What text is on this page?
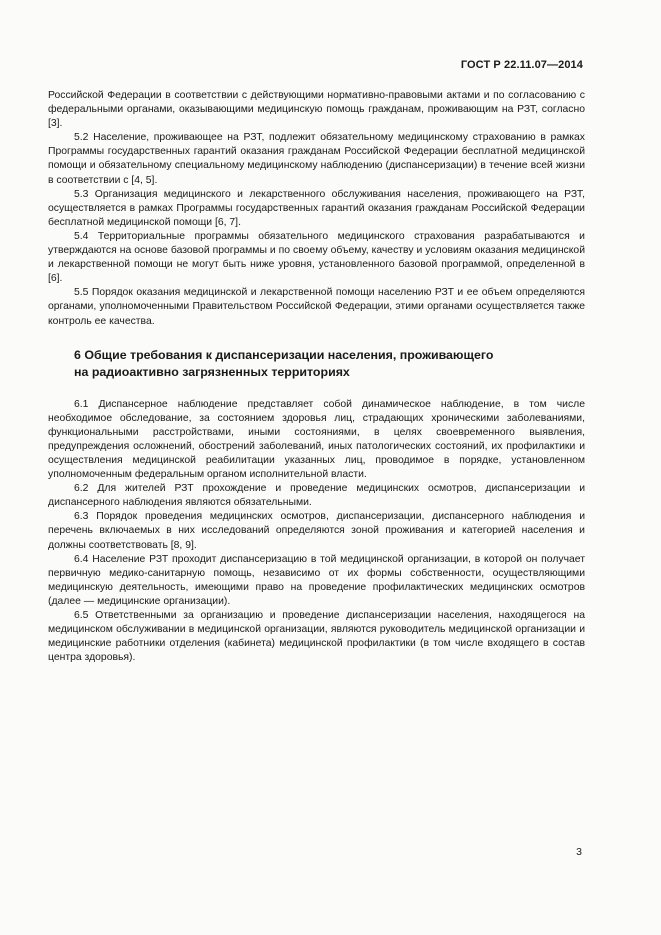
ГОСТ Р 22.11.07—2014

Российской Федерации в соответствии с действующими нормативно-правовыми актами и по согласованию с федеральными органами, оказывающими медицинскую помощь гражданам, проживающим на РЗТ, согласно [3].

5.2 Население, проживающее на РЗТ, подлежит обязательному медицинскому страхованию в рамках Программы государственных гарантий оказания гражданам Российской Федерации бесплатной медицинской помощи и обязательному специальному медицинскому наблюдению (диспансеризации) в течение всей жизни в соответствии с [4, 5].

5.3 Организация медицинского и лекарственного обслуживания населения, проживающего на РЗТ, осуществляется в рамках Программы государственных гарантий оказания гражданам Российской Федерации бесплатной медицинской помощи [6, 7].

5.4 Территориальные программы обязательного медицинского страхования разрабатываются и утверждаются на основе базовой программы и по своему объему, качеству и условиям оказания медицинской и лекарственной помощи не могут быть ниже уровня, установленного базовой программой, определенной в [6].

5.5 Порядок оказания медицинской и лекарственной помощи населению РЗТ и ее объем определяются органами, уполномоченными Правительством Российской Федерации, этими органами осуществляется также контроль ее качества.

6 Общие требования к диспансеризации населения, проживающего
на радиоактивно загрязненных территориях

6.1 Диспансерное наблюдение представляет собой динамическое наблюдение, в том числе необходимое обследование, за состоянием здоровья лиц, страдающих хроническими заболеваниями, функциональными расстройствами, иными состояниями, в целях своевременного выявления, предупреждения осложнений, обострений заболеваний, иных патологических состояний, их профилактики и осуществления медицинской реабилитации указанных лиц, проводимое в порядке, установленном уполномоченным федеральным органом исполнительной власти.

6.2 Для жителей РЗТ прохождение и проведение медицинских осмотров, диспансеризации и диспансерного наблюдения являются обязательными.

6.3 Порядок проведения медицинских осмотров, диспансеризации, диспансерного наблюдения и перечень включаемых в них исследований определяются зоной проживания и категорией населения и должны соответствовать [8, 9].

6.4 Население РЗТ проходит диспансеризацию в той медицинской организации, в которой он получает первичную медико-санитарную помощь, независимо от их формы собственности, осуществляющими медицинскую деятельность, имеющими право на проведение профилактических медицинских осмотров (далее — медицинские организации).

6.5 Ответственными за организацию и проведение диспансеризации населения, находящегося на медицинском обслуживании в медицинской организации, являются руководитель медицинской организации и медицинские работники отделения (кабинета) медицинской профилактики (в том числе входящего в состав центра здоровья).

3
